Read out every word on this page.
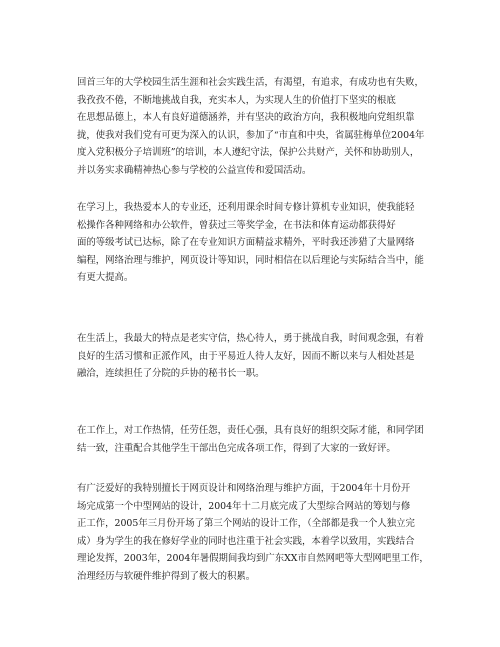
回首三年的大学校园生活生涯和社会实践生活，有渴望，有追求，有成功也有失败，
我孜孜不倦，不断地挑战自我，充实本人，为实现人生的价值打下坚实的根底
在思想品德上，本人有良好道德涵养，并有坚决的政治方向，我积极地向党组织靠
拢，使我对我们党有可更为深入的认识，参加了“市直和中央，省属驻梅单位2004年
度入党积极分子培训班”的培训，本人遵纪守法，保护公共财产，关怀和协助别人，
并以务实求确精神热心参与学校的公益宣传和爱国活动。
在学习上，我热爱本人的专业还，还利用课余时间专修计算机专业知识，使我能轻
松操作各种网络和办公软件，曾获过三等奖学金，在书法和体育运动都获得好
面的等级考试已达标，除了在专业知识方面精益求精外，平时我还涉猎了大量网络
编程，网络治理与维护，网页设计等知识，同时相信在以后理论与实际结合当中，能
有更大提高。
在生活上，我最大的特点是老实守信，热心待人，勇于挑战自我，时间观念强，有着
良好的生活习惯和正派作风，由于平易近人待人友好，因而不断以来与人相处甚是
融洽，连续担任了分院的乒协的秘书长一职。
在工作上，对工作热情，任劳任怨，责任心强，具有良好的组织交际才能，和同学团
结一致，注重配合其他学生干部出色完成各项工作，得到了大家的一致好评。
有广泛爱好的我特别擅长于网页设计和网络治理与维护方面，于2004年十月份开
场完成第一个中型网站的设计，2004年十二月底完成了大型综合网站的筹划与修
正工作，2005年三月份开场了第三个网站的设计工作，（全部都是我一个人独立完
成）身为学生的我在修好学业的同时也注重于社会实践，本着学以致用，实践结合
理论发挥，2003年，2004年暑假期间我均到广东XX市自然网吧等大型网吧里工作，
治理经历与软硬件维护得到了极大的积累。
